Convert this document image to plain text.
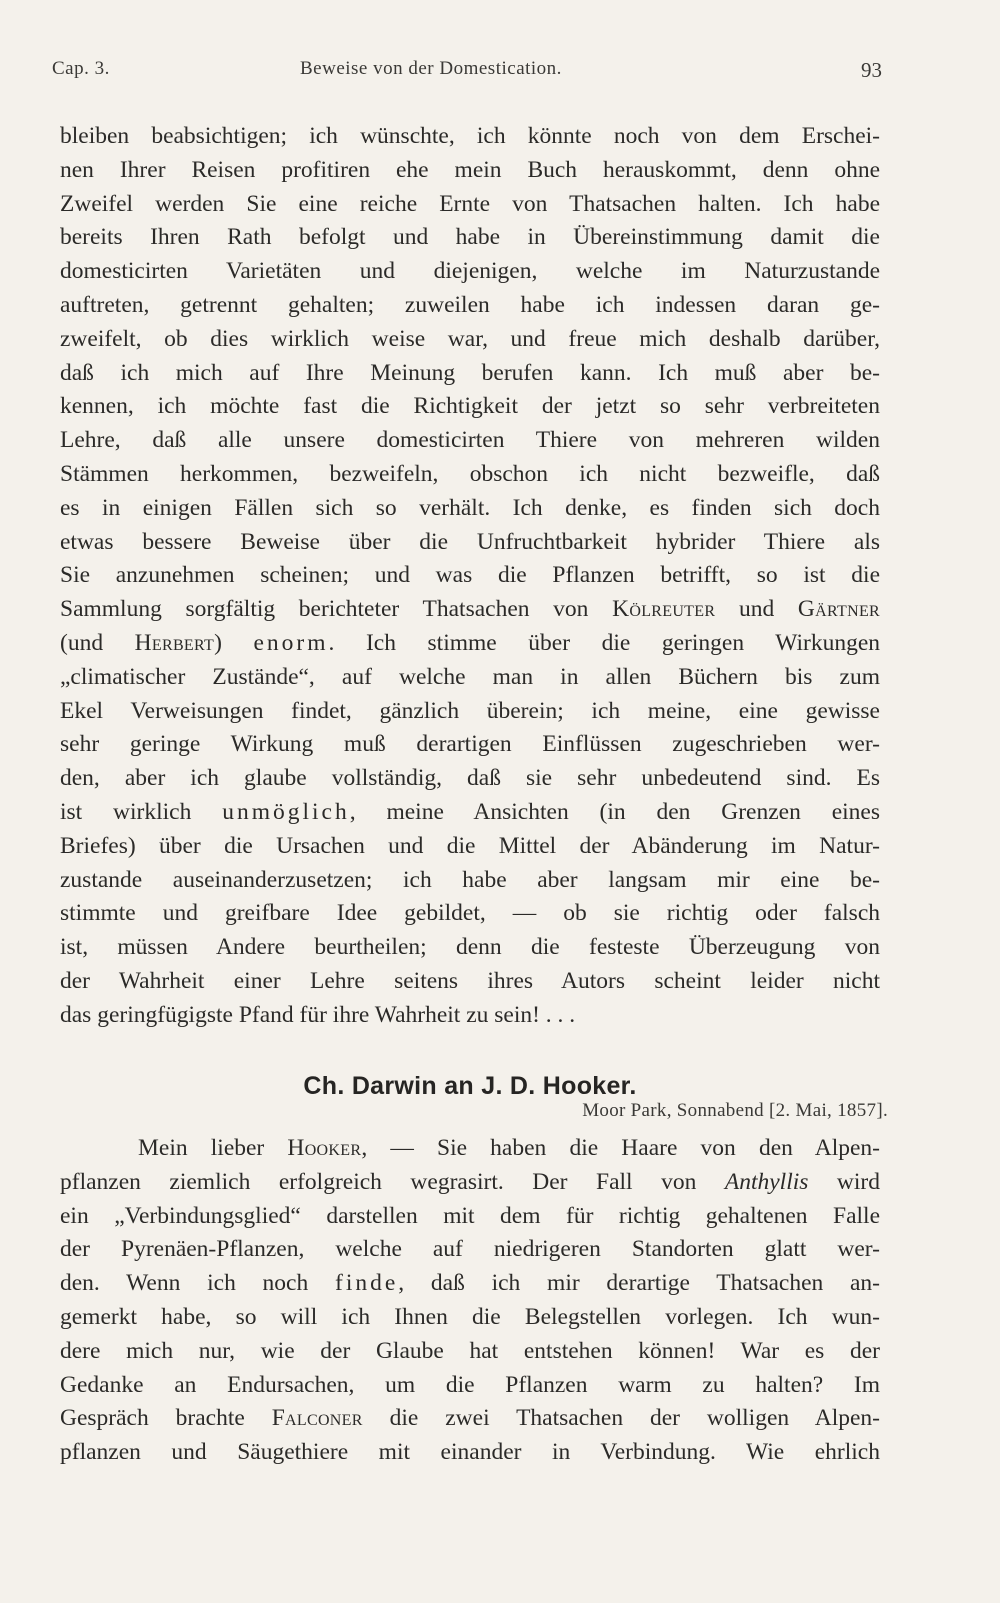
Cap. 3.	Beweise von der Domestication.	93
bleiben beabsichtigen; ich wünschte, ich könnte noch von dem Erschei-
nen Ihrer Reisen profitiren ehe mein Buch herauskommt, denn ohne
Zweifel werden Sie eine reiche Ernte von Thatsachen halten. Ich habe
bereits Ihren Rath befolgt und habe in Übereinstimmung damit die
domesticirten Varietäten und diejenigen, welche im Naturzustande
auftreten, getrennt gehalten; zuweilen habe ich indessen daran ge-
zweifelt, ob dies wirklich weise war, und freue mich deshalb darüber,
daß ich mich auf Ihre Meinung berufen kann. Ich muß aber be-
kennen, ich möchte fast die Richtigkeit der jetzt so sehr verbreiteten
Lehre, daß alle unsere domesticirten Thiere von mehreren wilden
Stämmen herkommen, bezweifeln, obschon ich nicht bezweifle, daß
es in einigen Fällen sich so verhält. Ich denke, es finden sich doch
etwas bessere Beweise über die Unfruchtbarkeit hybrider Thiere als
Sie anzunehmen scheinen; und was die Pflanzen betrifft, so ist die
Sammlung sorgfältig berichteter Thatsachen von Kölreuter und Gärtner
(und Herbert) enorm. Ich stimme über die geringen Wirkungen
„climatischer Zustände“, auf welche man in allen Büchern bis zum
Ekel Verweisungen findet, gänzlich überein; ich meine, eine gewisse
sehr geringe Wirkung muß derartigen Einflüssen zugeschrieben wer-
den, aber ich glaube vollständig, daß sie sehr unbedeutend sind. Es
ist wirklich unmöglich, meine Ansichten (in den Grenzen eines
Briefes) über die Ursachen und die Mittel der Abänderung im Natur-
zustande auseinanderzusetzen; ich habe aber langsam mir eine be-
stimmte und greifbare Idee gebildet, — ob sie richtig oder falsch
ist, müssen Andere beurtheilen; denn die festeste Überzeugung von
der Wahrheit einer Lehre seitens ihres Autors scheint leider nicht
das geringfügigste Pfand für ihre Wahrheit zu sein! . . .
Ch. Darwin an J. D. Hooker.
Moor Park, Sonnabend [2. Mai, 1857].
Mein lieber Hooker, — Sie haben die Haare von den Alpen-
pflanzen ziemlich erfolgreich wegrasirt. Der Fall von Anthyllis wird
ein „Verbindungsglied“ darstellen mit dem für richtig gehaltenen Falle
der Pyrenäen-Pflanzen, welche auf niedrigeren Standorten glatt wer-
den. Wenn ich noch finde, daß ich mir derartige Thatsachen an-
gemerkt habe, so will ich Ihnen die Belegstellen vorlegen. Ich wun-
dere mich nur, wie der Glaube hat entstehen können! War es der
Gedanke an Endursachen, um die Pflanzen warm zu halten? Im
Gespräch brachte Falconer die zwei Thatsachen der wolligen Alpen-
pflanzen und Säugethiere mit einander in Verbindung. Wie ehrlich
